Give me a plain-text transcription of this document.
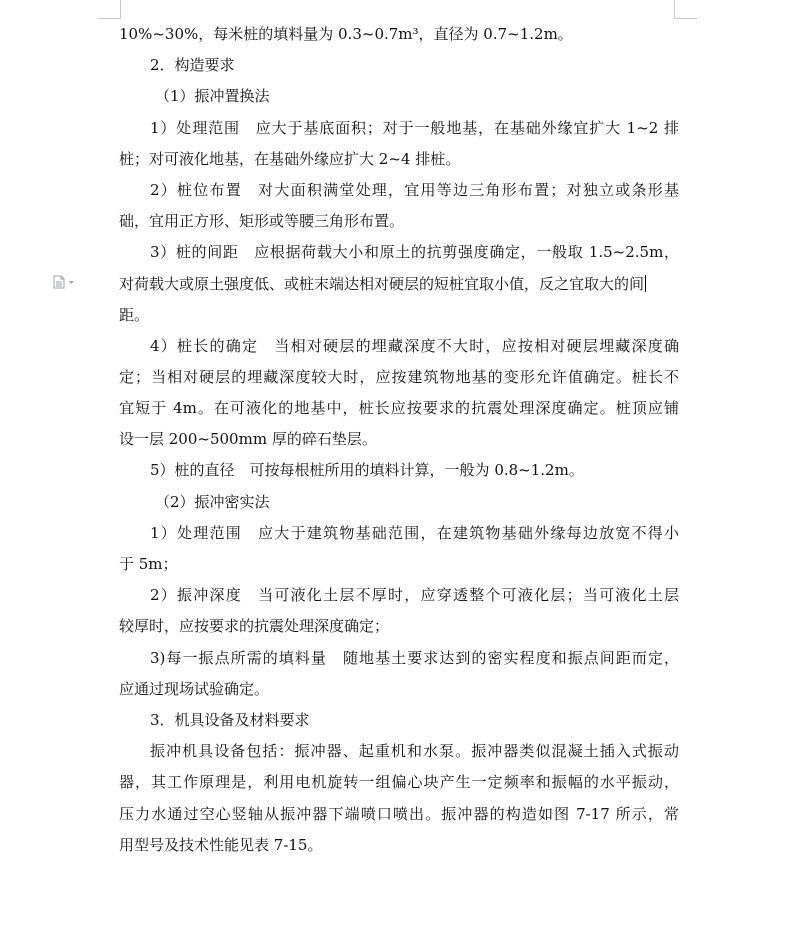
10%~30%，每米桩的填料量为 0.3~0.7m³，直径为 0.7~1.2m。
2．构造要求
（1）振冲置换法
1）处理范围　应大于基底面积；对于一般地基，在基础外缘宜扩大 1~2 排
桩；对可液化地基，在基础外缘应扩大 2~4 排桩。
2）桩位布置　对大面积满堂处理，宜用等边三角形布置；对独立或条形基
础，宜用正方形、矩形或等腰三角形布置。
3）桩的间距　应根据荷载大小和原土的抗剪强度确定，一般取 1.5~2.5m，
对荷载大或原土强度低、或桩末端达相对硬层的短桩宜取小值，反之宜取大的间
距。
4）桩长的确定　当相对硬层的埋藏深度不大时，应按相对硬层埋藏深度确
定；当相对硬层的埋藏深度较大时，应按建筑物地基的变形允许值确定。桩长不
宜短于 4m。在可液化的地基中，桩长应按要求的抗震处理深度确定。桩顶应铺
设一层 200~500mm 厚的碎石垫层。
5）桩的直径　可按每根桩所用的填料计算，一般为 0.8~1.2m。
（2）振冲密实法
1）处理范围　应大于建筑物基础范围，在建筑物基础外缘每边放宽不得小
于 5m；
2）振冲深度　当可液化土层不厚时，应穿透整个可液化层；当可液化土层
较厚时，应按要求的抗震处理深度确定；
3)每一振点所需的填料量　随地基土要求达到的密实程度和振点间距而定，
应通过现场试验确定。
3．机具设备及材料要求
振冲机具设备包括：振冲器、起重机和水泵。振冲器类似混凝土插入式振动
器，其工作原理是，利用电机旋转一组偏心块产生一定频率和振幅的水平振动，
压力水通过空心竖轴从振冲器下端喷口喷出。振冲器的构造如图 7-17 所示，常
用型号及技术性能见表 7-15。
